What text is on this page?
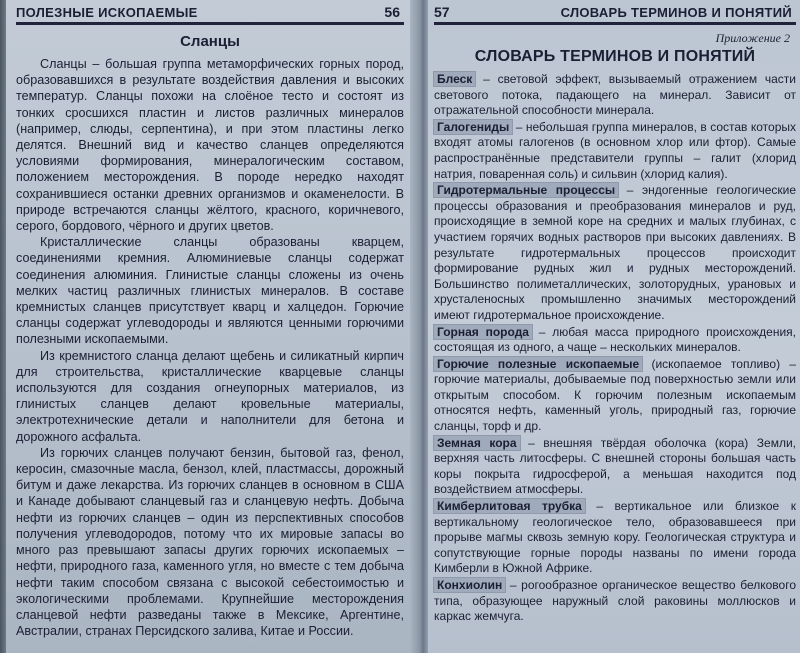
ПОЛЕЗНЫЕ ИСКОПАЕМЫЕ	56
Сланцы

Сланцы – большая группа метаморфических горных пород, образовавшихся в результате воздействия давления и высоких температур. Сланцы похожи на слоёное тесто и состоят из тонких сросшихся пластин и листов различных минералов (например, слюды, серпентина), и при этом пластины легко делятся. Внешний вид и качество сланцев определяются условиями формирования, минералогическим составом, положением месторождения. В породе нередко находят сохранившиеся останки древних организмов и окаменелости. В природе встречаются сланцы жёлтого, красного, коричневого, серого, бордового, чёрного и других цветов.

Кристаллические сланцы образованы кварцем, соединениями кремния. Алюминиевые сланцы содержат соединения алюминия. Глинистые сланцы сложены из очень мелких частиц различных глинистых минералов. В составе кремнистых сланцев присутствует кварц и халцедон. Горючие сланцы содержат углеводороды и являются ценными горючими полезными ископаемыми.

Из кремнистого сланца делают щебень и силикатный кирпич для строительства, кристаллические кварцевые сланцы используются для создания огнеупорных материалов, из глинистых сланцев делают кровельные материалы, электротехнические детали и наполнители для бетона и дорожного асфальта.

Из горючих сланцев получают бензин, бытовой газ, фенол, керосин, смазочные масла, бензол, клей, пластмассы, дорожный битум и даже лекарства. Из горючих сланцев в основном в США и Канаде добывают сланцевый газ и сланцевую нефть. Добыча нефти из горючих сланцев – один из перспективных способов получения углеводородов, потому что их мировые запасы во много раз превышают запасы других горючих ископаемых – нефти, природного газа, каменного угля, но вместе с тем добыча нефти таким способом связана с высокой себестоимостью и экологическими проблемами. Крупнейшие месторождения сланцевой нефти разведаны также в Мексике, Аргентине, Австралии, странах Персидского залива, Китае и России.

57	СЛОВАРЬ ТЕРМИНОВ И ПОНЯТИЙ
Приложение 2
СЛОВАРЬ ТЕРМИНОВ И ПОНЯТИЙ

Блеск – световой эффект, вызываемый отражением части светового потока, падающего на минерал. Зависит от отражательной способности минерала.

Галогениды – небольшая группа минералов, в состав которых входят атомы галогенов (в основном хлор или фтор). Самые распространённые представители группы – галит (хлорид натрия, поваренная соль) и сильвин (хлорид калия).

Гидротермальные процессы – эндогенные геологические процессы образования и преобразования минералов и руд, происходящие в земной коре на средних и малых глубинах, с участием горячих водных растворов при высоких давлениях. В результате гидротермальных процессов происходит формирование рудных жил и рудных месторождений. Большинство полиметаллических, золоторудных, урановых и хрусталеносных промышленно значимых месторождений имеют гидротермальное происхождение.

Горная порода – любая масса природного происхождения, состоящая из одного, а чаще – нескольких минералов.

Горючие полезные ископаемые (ископаемое топливо) – горючие материалы, добываемые под поверхностью земли или открытым способом. К горючим полезным ископаемым относятся нефть, каменный уголь, природный газ, горючие сланцы, торф и др.

Земная кора – внешняя твёрдая оболочка (кора) Земли, верхняя часть литосферы. С внешней стороны большая часть коры покрыта гидросферой, а меньшая находится под воздействием атмосферы.

Кимберлитовая трубка – вертикальное или близкое к вертикальному геологическое тело, образовавшееся при прорыве магмы сквозь земную кору. Геологическая структура и сопутствующие горные породы названы по имени города Кимберли в Южной Африке.

Конхиолин – рогообразное органическое вещество белкового типа, образующее наружный слой раковины моллюсков и каркас жемчуга.
